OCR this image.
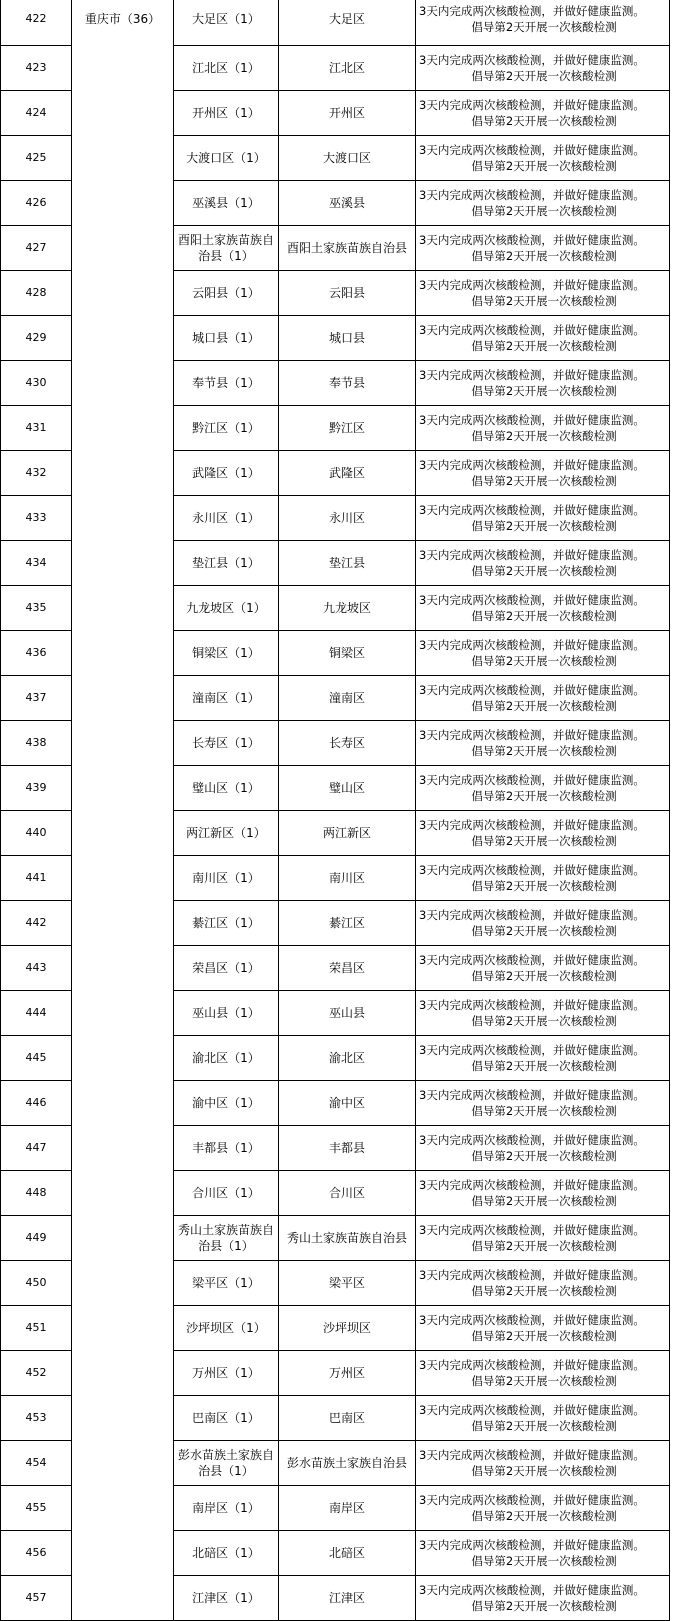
422	重庆市（36）	大足区（1）	大足区	3天内完成两次核酸检测，并做好健康监测。
倡导第2天开展一次核酸检测

423		江北区（1）	江北区	3天内完成两次核酸检测，并做好健康监测。
倡导第2天开展一次核酸检测

424		开州区（1）	开州区	3天内完成两次核酸检测，并做好健康监测。
倡导第2天开展一次核酸检测

425		大渡口区（1）	大渡口区	3天内完成两次核酸检测，并做好健康监测。
倡导第2天开展一次核酸检测

426		巫溪县（1）	巫溪县	3天内完成两次核酸检测，并做好健康监测。
倡导第2天开展一次核酸检测

427		酉阳土家族苗族自治县（1）	酉阳土家族苗族自治县	3天内完成两次核酸检测，并做好健康监测。
倡导第2天开展一次核酸检测

428		云阳县（1）	云阳县	3天内完成两次核酸检测，并做好健康监测。
倡导第2天开展一次核酸检测

429		城口县（1）	城口县	3天内完成两次核酸检测，并做好健康监测。
倡导第2天开展一次核酸检测

430		奉节县（1）	奉节县	3天内完成两次核酸检测，并做好健康监测。
倡导第2天开展一次核酸检测

431		黔江区（1）	黔江区	3天内完成两次核酸检测，并做好健康监测。
倡导第2天开展一次核酸检测

432		武隆区（1）	武隆区	3天内完成两次核酸检测，并做好健康监测。
倡导第2天开展一次核酸检测

433		永川区（1）	永川区	3天内完成两次核酸检测，并做好健康监测。
倡导第2天开展一次核酸检测

434		垫江县（1）	垫江县	3天内完成两次核酸检测，并做好健康监测。
倡导第2天开展一次核酸检测

435		九龙坡区（1）	九龙坡区	3天内完成两次核酸检测，并做好健康监测。
倡导第2天开展一次核酸检测

436		铜梁区（1）	铜梁区	3天内完成两次核酸检测，并做好健康监测。
倡导第2天开展一次核酸检测

437		潼南区（1）	潼南区	3天内完成两次核酸检测，并做好健康监测。
倡导第2天开展一次核酸检测

438		长寿区（1）	长寿区	3天内完成两次核酸检测，并做好健康监测。
倡导第2天开展一次核酸检测

439		璧山区（1）	璧山区	3天内完成两次核酸检测，并做好健康监测。
倡导第2天开展一次核酸检测

440		两江新区（1）	两江新区	3天内完成两次核酸检测，并做好健康监测。
倡导第2天开展一次核酸检测

441		南川区（1）	南川区	3天内完成两次核酸检测，并做好健康监测。
倡导第2天开展一次核酸检测

442		綦江区（1）	綦江区	3天内完成两次核酸检测，并做好健康监测。
倡导第2天开展一次核酸检测

443		荣昌区（1）	荣昌区	3天内完成两次核酸检测，并做好健康监测。
倡导第2天开展一次核酸检测

444		巫山县（1）	巫山县	3天内完成两次核酸检测，并做好健康监测。
倡导第2天开展一次核酸检测

445		渝北区（1）	渝北区	3天内完成两次核酸检测，并做好健康监测。
倡导第2天开展一次核酸检测

446		渝中区（1）	渝中区	3天内完成两次核酸检测，并做好健康监测。
倡导第2天开展一次核酸检测

447		丰都县（1）	丰都县	3天内完成两次核酸检测，并做好健康监测。
倡导第2天开展一次核酸检测

448		合川区（1）	合川区	3天内完成两次核酸检测，并做好健康监测。
倡导第2天开展一次核酸检测

449		秀山土家族苗族自治县（1）	秀山土家族苗族自治县	3天内完成两次核酸检测，并做好健康监测。
倡导第2天开展一次核酸检测

450		梁平区（1）	梁平区	3天内完成两次核酸检测，并做好健康监测。
倡导第2天开展一次核酸检测

451		沙坪坝区（1）	沙坪坝区	3天内完成两次核酸检测，并做好健康监测。
倡导第2天开展一次核酸检测

452		万州区（1）	万州区	3天内完成两次核酸检测，并做好健康监测。
倡导第2天开展一次核酸检测

453		巴南区（1）	巴南区	3天内完成两次核酸检测，并做好健康监测。
倡导第2天开展一次核酸检测

454		彭水苗族土家族自治县（1）	彭水苗族土家族自治县	3天内完成两次核酸检测，并做好健康监测。
倡导第2天开展一次核酸检测

455		南岸区（1）	南岸区	3天内完成两次核酸检测，并做好健康监测。
倡导第2天开展一次核酸检测

456		北碚区（1）	北碚区	3天内完成两次核酸检测，并做好健康监测。
倡导第2天开展一次核酸检测

457		江津区（1）	江津区	3天内完成两次核酸检测，并做好健康监测。
倡导第2天开展一次核酸检测
